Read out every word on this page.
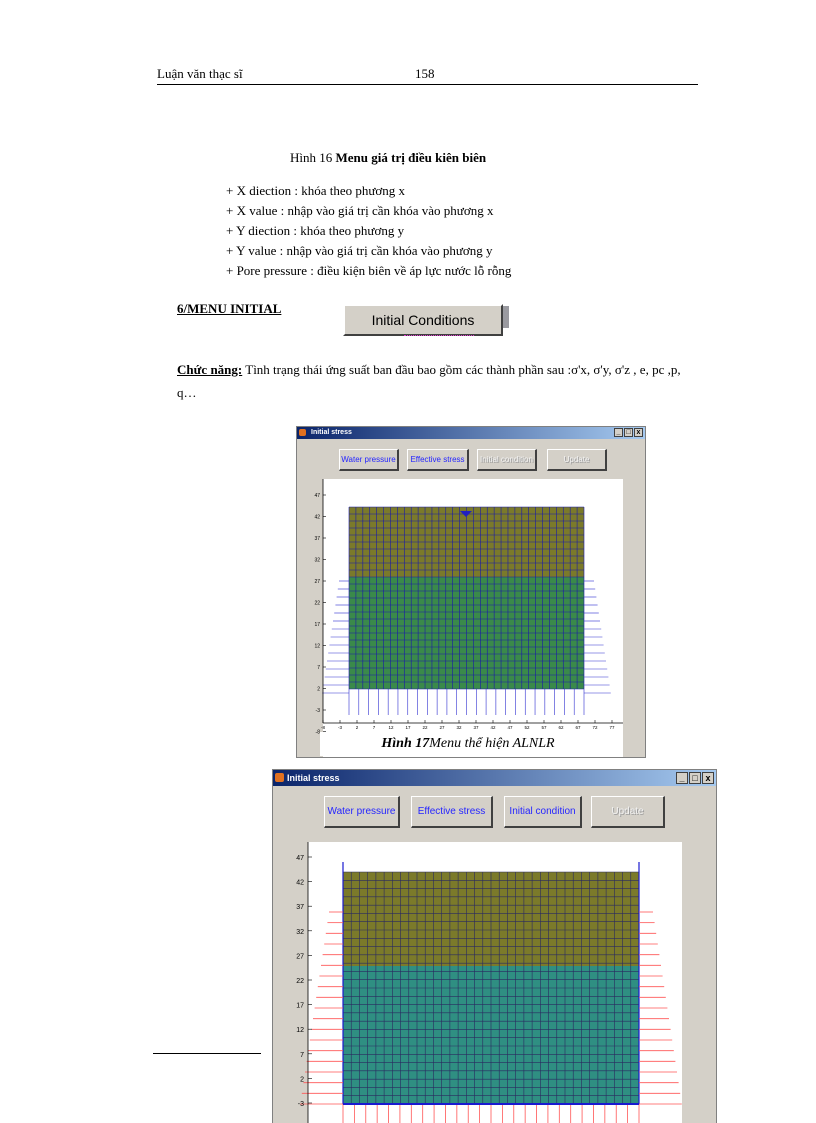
Luận văn thạc sĩ	158
Hình 16 Menu giá trị điều kiên biên
+ X diection : khóa theo phương x
+ X value : nhập vào giá trị cần khóa vào phương x
+ Y diection : khóa theo phương y
+ Y value : nhập vào giá trị cần khóa vào phương y
+ Pore pressure : điều kiện biên về áp lực nước lỗ rỗng
6/MENU INITIAL
Initial Conditions
Chức năng: Tình trạng thái ứng suất ban đầu bao gồm các thành phần sau :σ'x, σ'y, σ'z , e, pc ,p, q…
Initial stress	_ □ x
Water pressure	Effective stress	Initial condition	Update
47
42
37
32
27
22
17
12
7
2
-3
-8
-8	-3	2	7	12	17	22	27	32	37	42	47	52	57	62	67	72	77
Hình 17 Menu thể hiện ALNLR
Initial stress	_ □ x
Water pressure	Effective stress	Initial condition	Update
47
42
37
32
27
22
17
12
7
2
-3
